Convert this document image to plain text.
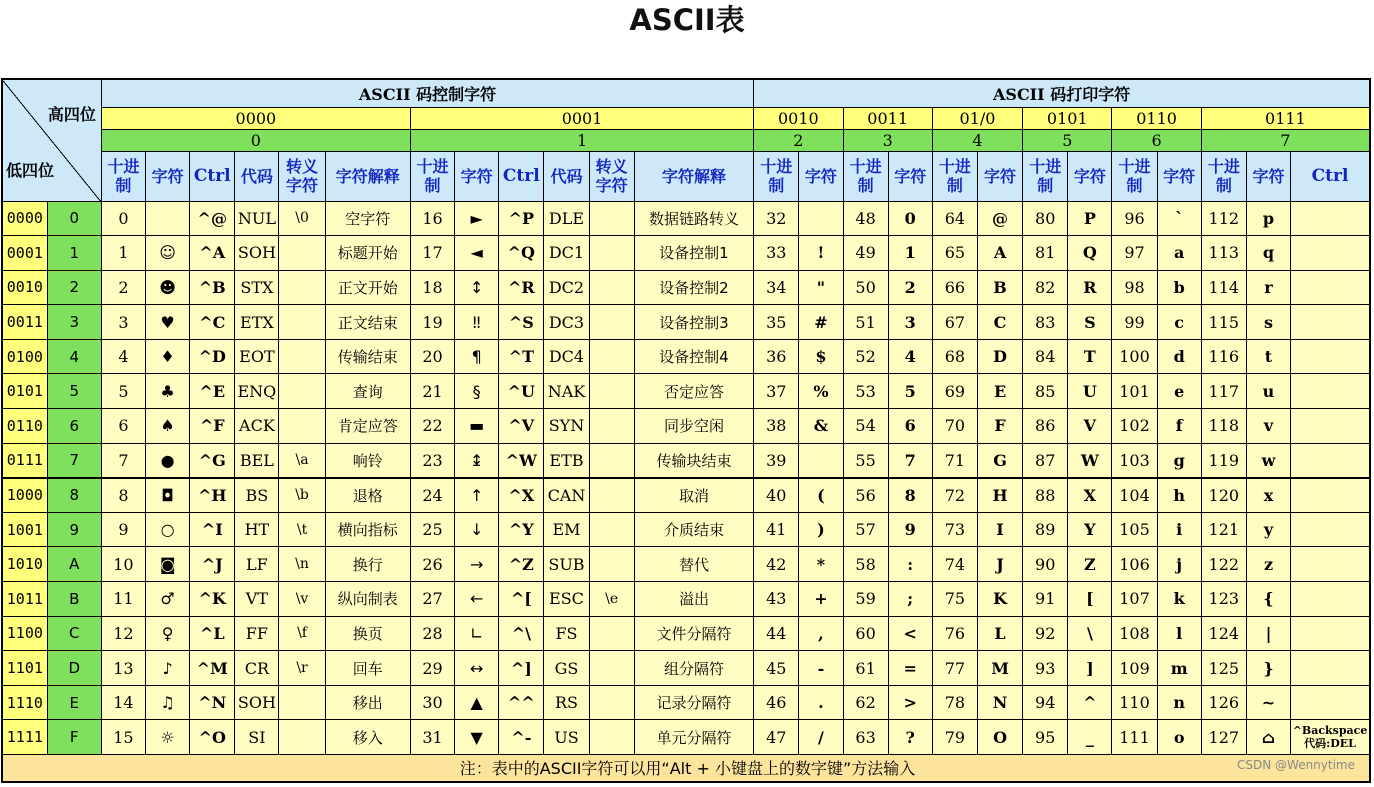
ASCII表
高四位
低四位		ASCII 码控制字符												ASCII 码打印字符												
		0000						0001						0010		0011		01/0		0101		0110		0111		
		0						1						2		3		4		5		6		7		
		十进制	字符	Ctrl	代码	转义字符	字符解释	十进制	字符	Ctrl	代码	转义字符	字符解释	十进制	字符	十进制	字符	十进制	字符	十进制	字符	十进制	字符	十进制	字符	Ctrl
0000	0	0		^@	NUL	\0	空字符	16	►	^P	DLE		数据链路转义	32		48	0	64	@	80	P	96	`	112	p	
0001	1	1	☺	^A	SOH		标题开始	17	◄	^Q	DC1		设备控制1	33	!	49	1	65	A	81	Q	97	a	113	q	
0010	2	2	☻	^B	STX		正文开始	18	↕	^R	DC2		设备控制2	34	"	50	2	66	B	82	R	98	b	114	r	
0011	3	3	♥	^C	ETX		正文结束	19	‼	^S	DC3		设备控制3	35	#	51	3	67	C	83	S	99	c	115	s	
0100	4	4	♦	^D	EOT		传输结束	20	¶	^T	DC4		设备控制4	36	$	52	4	68	D	84	T	100	d	116	t	
0101	5	5	♣	^E	ENQ		查询	21	§	^U	NAK		否定应答	37	%	53	5	69	E	85	U	101	e	117	u	
0110	6	6	♠	^F	ACK		肯定应答	22	▬	^V	SYN		同步空闲	38	&	54	6	70	F	86	V	102	f	118	v	
0111	7	7	●	^G	BEL	\a	响铃	23	↨	^W	ETB		传输块结束	39		55	7	71	G	87	W	103	g	119	w	
1000	8	8	◘	^H	BS	\b	退格	24	↑	^X	CAN		取消	40	(	56	8	72	H	88	X	104	h	120	x	
1001	9	9	○	^I	HT	\t	横向指标	25	↓	^Y	EM		介质结束	41	)	57	9	73	I	89	Y	105	i	121	y	
1010	A	10	◙	^J	LF	\n	换行	26	→	^Z	SUB		替代	42	*	58	:	74	J	90	Z	106	j	122	z	
1011	B	11	♂	^K	VT	\v	纵向制表	27	←	^[	ESC	\e	溢出	43	+	59	;	75	K	91	[	107	k	123	{	
1100	C	12	♀	^L	FF	\f	换页	28	∟	^\	FS		文件分隔符	44	,	60	<	76	L	92	\	108	l	124	|	
1101	D	13	♪	^M	CR	\r	回车	29	↔	^]	GS		组分隔符	45	-	61	=	77	M	93	]	109	m	125	}	
1110	E	14	♫	^N	SOH		移出	30	▲	^^	RS		记录分隔符	46	.	62	>	78	N	94	^	110	n	126	~	
1111	F	15	☼	^O	SI		移入	31	▼	^-	US		单元分隔符	47	/	63	?	79	O	95	_	111	o	127	⌂	^Backspace
代码:DEL

注：表中的ASCII字符可以用“Alt + 小键盘上的数字键”方法输入 CSDN @Wennytime																										
